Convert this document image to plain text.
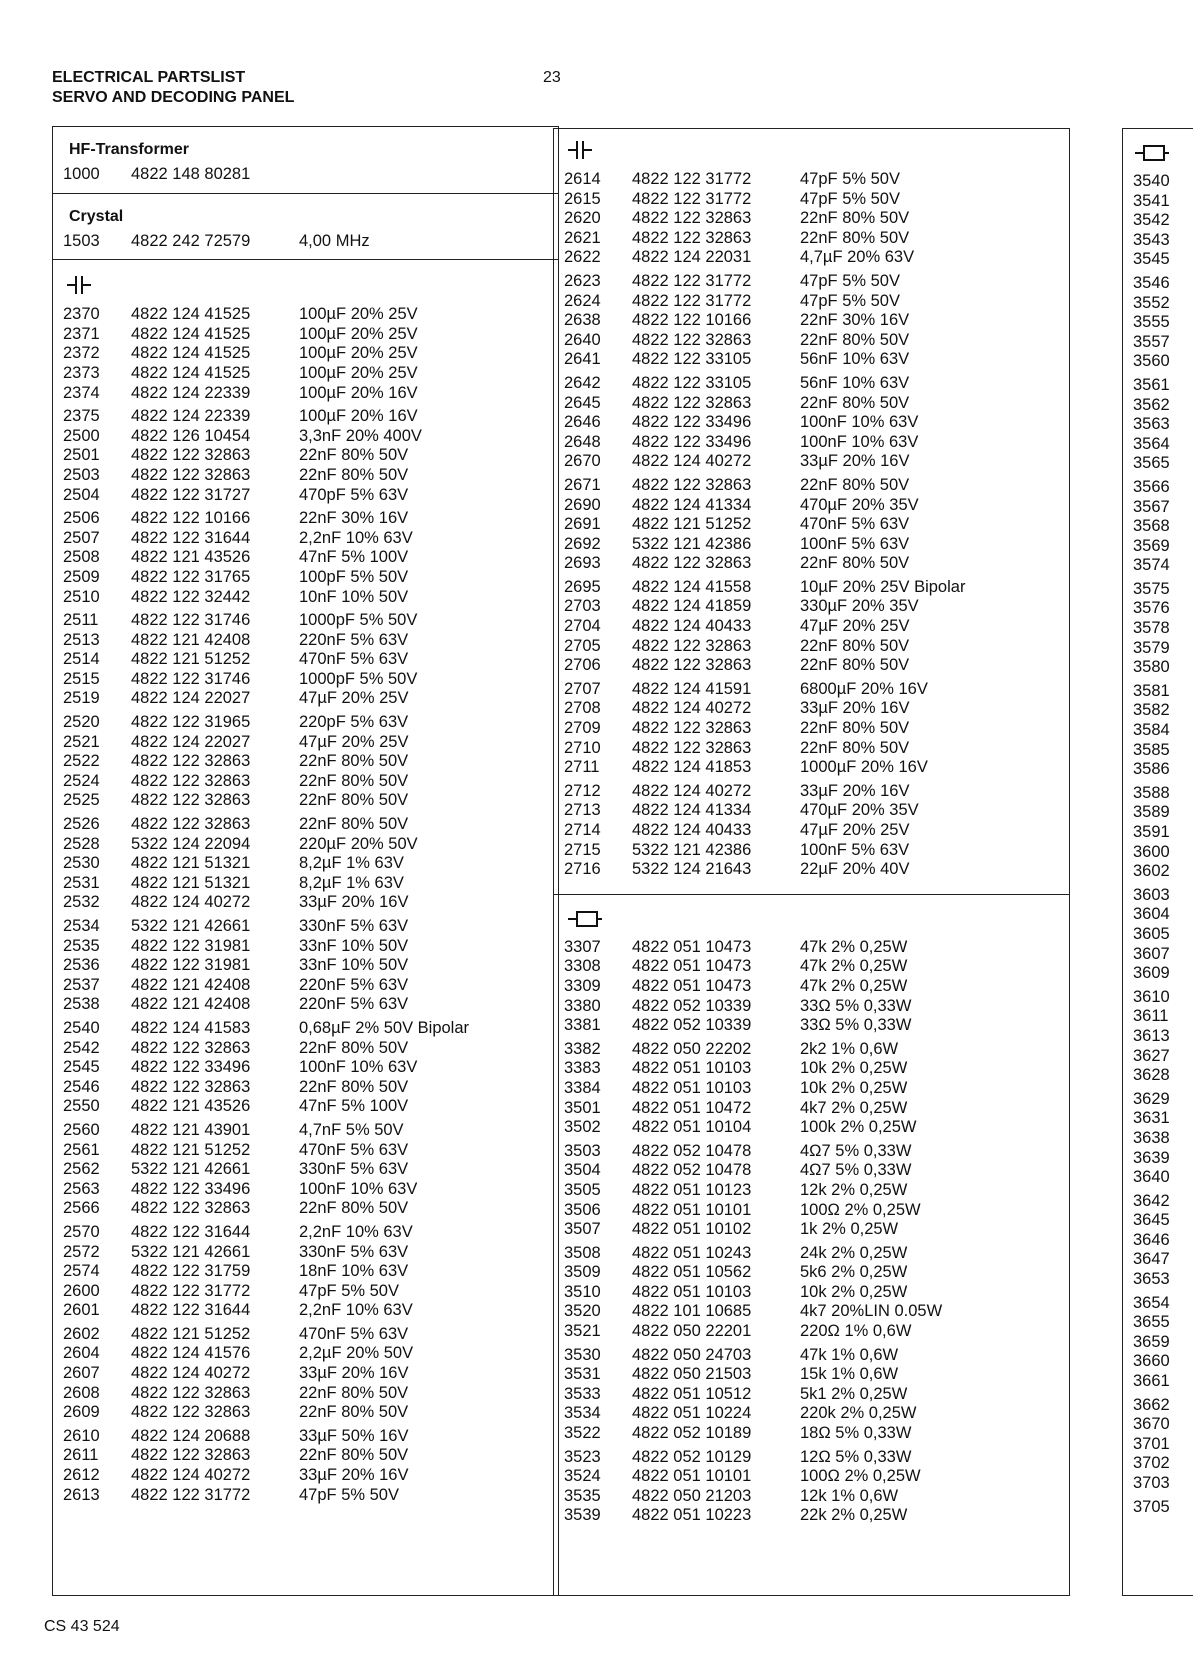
ELECTRICAL PARTSLIST
SERVO AND DECODING PANEL
23
HF-Transformer
1000	4822 148 80281
Crystal
1503	4822 242 72579	4,00 MHz
2370	4822 124 41525	100µF 20% 25V
2371	4822 124 41525	100µF 20% 25V
2372	4822 124 41525	100µF 20% 25V
2373	4822 124 41525	100µF 20% 25V
2374	4822 124 22339	100µF 20% 16V
2375	4822 124 22339	100µF 20% 16V
2500	4822 126 10454	3,3nF 20% 400V
2501	4822 122 32863	22nF 80% 50V
2503	4822 122 32863	22nF 80% 50V
2504	4822 122 31727	470pF 5% 63V
2506	4822 122 10166	22nF 30% 16V
2507	4822 122 31644	2,2nF 10% 63V
2508	4822 121 43526	47nF 5% 100V
2509	4822 122 31765	100pF 5% 50V
2510	4822 122 32442	10nF 10% 50V
2511	4822 122 31746	1000pF 5% 50V
2513	4822 121 42408	220nF 5% 63V
2514	4822 121 51252	470nF 5% 63V
2515	4822 122 31746	1000pF 5% 50V
2519	4822 124 22027	47µF 20% 25V
2520	4822 122 31965	220pF 5% 63V
2521	4822 124 22027	47µF 20% 25V
2522	4822 122 32863	22nF 80% 50V
2524	4822 122 32863	22nF 80% 50V
2525	4822 122 32863	22nF 80% 50V
2526	4822 122 32863	22nF 80% 50V
2528	5322 124 22094	220µF 20% 50V
2530	4822 121 51321	8,2µF 1% 63V
2531	4822 121 51321	8,2µF 1% 63V
2532	4822 124 40272	33µF 20% 16V
2534	5322 121 42661	330nF 5% 63V
2535	4822 122 31981	33nF 10% 50V
2536	4822 122 31981	33nF 10% 50V
2537	4822 121 42408	220nF 5% 63V
2538	4822 121 42408	220nF 5% 63V
2540	4822 124 41583	0,68µF 2% 50V Bipolar
2542	4822 122 32863	22nF 80% 50V
2545	4822 122 33496	100nF 10% 63V
2546	4822 122 32863	22nF 80% 50V
2550	4822 121 43526	47nF 5% 100V
2560	4822 121 43901	4,7nF 5% 50V
2561	4822 121 51252	470nF 5% 63V
2562	5322 121 42661	330nF 5% 63V
2563	4822 122 33496	100nF 10% 63V
2566	4822 122 32863	22nF 80% 50V
2570	4822 122 31644	2,2nF 10% 63V
2572	5322 121 42661	330nF 5% 63V
2574	4822 122 31759	18nF 10% 63V
2600	4822 122 31772	47pF 5% 50V
2601	4822 122 31644	2,2nF 10% 63V
2602	4822 121 51252	470nF 5% 63V
2604	4822 124 41576	2,2µF 20% 50V
2607	4822 124 40272	33µF 20% 16V
2608	4822 122 32863	22nF 80% 50V
2609	4822 122 32863	22nF 80% 50V
2610	4822 124 20688	33µF 50% 16V
2611	4822 122 32863	22nF 80% 50V
2612	4822 124 40272	33µF 20% 16V
2613	4822 122 31772	47pF 5% 50V
2614	4822 122 31772	47pF 5% 50V
2615	4822 122 31772	47pF 5% 50V
2620	4822 122 32863	22nF 80% 50V
2621	4822 122 32863	22nF 80% 50V
2622	4822 124 22031	4,7µF 20% 63V
2623	4822 122 31772	47pF 5% 50V
2624	4822 122 31772	47pF 5% 50V
2638	4822 122 10166	22nF 30% 16V
2640	4822 122 32863	22nF 80% 50V
2641	4822 122 33105	56nF 10% 63V
2642	4822 122 33105	56nF 10% 63V
2645	4822 122 32863	22nF 80% 50V
2646	4822 122 33496	100nF 10% 63V
2648	4822 122 33496	100nF 10% 63V
2670	4822 124 40272	33µF 20% 16V
2671	4822 122 32863	22nF 80% 50V
2690	4822 124 41334	470µF 20% 35V
2691	4822 121 51252	470nF 5% 63V
2692	5322 121 42386	100nF 5% 63V
2693	4822 122 32863	22nF 80% 50V
2695	4822 124 41558	10µF 20% 25V Bipolar
2703	4822 124 41859	330µF 20% 35V
2704	4822 124 40433	47µF 20% 25V
2705	4822 122 32863	22nF 80% 50V
2706	4822 122 32863	22nF 80% 50V
2707	4822 124 41591	6800µF 20% 16V
2708	4822 124 40272	33µF 20% 16V
2709	4822 122 32863	22nF 80% 50V
2710	4822 122 32863	22nF 80% 50V
2711	4822 124 41853	1000µF 20% 16V
2712	4822 124 40272	33µF 20% 16V
2713	4822 124 41334	470µF 20% 35V
2714	4822 124 40433	47µF 20% 25V
2715	5322 121 42386	100nF 5% 63V
2716	5322 124 21643	22µF 20% 40V
3307	4822 051 10473	47k 2% 0,25W
3308	4822 051 10473	47k 2% 0,25W
3309	4822 051 10473	47k 2% 0,25W
3380	4822 052 10339	33Ω 5% 0,33W
3381	4822 052 10339	33Ω 5% 0,33W
3382	4822 050 22202	2k2 1% 0,6W
3383	4822 051 10103	10k 2% 0,25W
3384	4822 051 10103	10k 2% 0,25W
3501	4822 051 10472	4k7 2% 0,25W
3502	4822 051 10104	100k 2% 0,25W
3503	4822 052 10478	4Ω7 5% 0,33W
3504	4822 052 10478	4Ω7 5% 0,33W
3505	4822 051 10123	12k 2% 0,25W
3506	4822 051 10101	100Ω 2% 0,25W
3507	4822 051 10102	1k 2% 0,25W
3508	4822 051 10243	24k 2% 0,25W
3509	4822 051 10562	5k6 2% 0,25W
3510	4822 051 10103	10k 2% 0,25W
3520	4822 101 10685	4k7 20%LIN 0.05W
3521	4822 050 22201	220Ω 1% 0,6W
3530	4822 050 24703	47k 1% 0,6W
3531	4822 050 21503	15k 1% 0,6W
3533	4822 051 10512	5k1 2% 0,25W
3534	4822 051 10224	220k 2% 0,25W
3522	4822 052 10189	18Ω 5% 0,33W
3523	4822 052 10129	12Ω 5% 0,33W
3524	4822 051 10101	100Ω 2% 0,25W
3535	4822 050 21203	12k 1% 0,6W
3539	4822 051 10223	22k 2% 0,25W
3540
3541
3542
3543
3545
3546
3552
3555
3557
3560
3561
3562
3563
3564
3565
3566
3567
3568
3569
3574
3575
3576
3578
3579
3580
3581
3582
3584
3585
3586
3588
3589
3591
3600
3602
3603
3604
3605
3607
3609
3610
3611
3613
3627
3628
3629
3631
3638
3639
3640
3642
3645
3646
3647
3653
3654
3655
3659
3660
3661
3662
3670
3701
3702
3703
3705
CS 43 524
